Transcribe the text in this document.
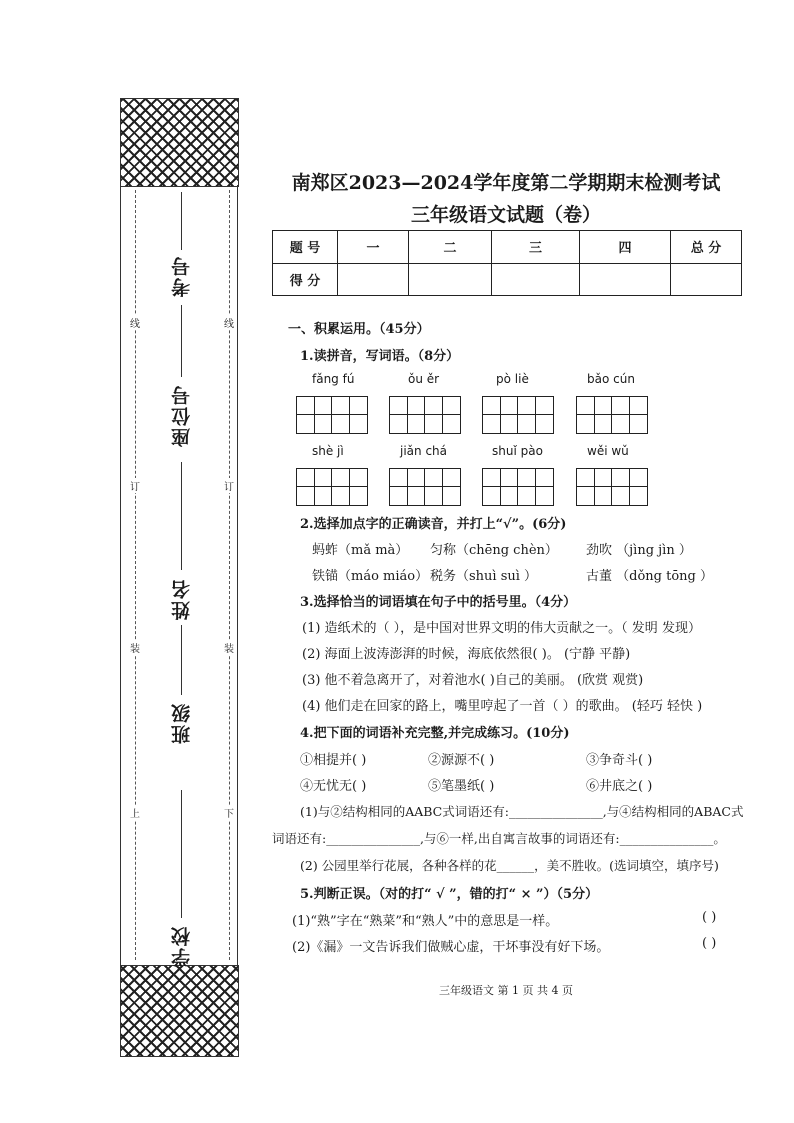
线
订
装
上
线
订
装
下
考号
座位号
姓名
班级
学校
南郑区2023—2024学年度第二学期期末检测考试
三年级语文试题（卷）
题 号	一	二	三	四	总 分
得 分					
一、积累运用。（45分）
1.读拼音，写词语。（8分）
fǎng fú	ǒu ěr	pò liè	bǎo cún
shè jì	jiǎn chá	shuǐ pào	wěi wǔ
2.选择加点字的正确读音，并打上“√”。(6分)
蚂蚱（mǎ mà） 匀称（chēng chèn） 劲吹 （jìng jìn ）
铁锚（máo miáo） 税务（shuì suì ）	古董 （dǒng tōng ）
3.选择恰当的词语填在句子中的括号里。（4分）
(1) 造纸术的（ ），是中国对世界文明的伟大贡献之一。（ 发明 发现）
(2) 海面上波涛澎湃的时候，海底依然很( )。 (宁静 平静)
(3) 他不着急离开了，对着池水( )自己的美丽。 (欣赏 观赏)
(4) 他们走在回家的路上，嘴里哼起了一首（ ）的歌曲。 (轻巧 轻快 )
4.把下面的词语补充完整,并完成练习。(10分)
①相提并( )	②源源不( )	③争奇斗( )
④无忧无( )	⑤笔墨纸( )	⑥井底之( )
(1)与②结构相同的AABC式词语还有:_______________,与④结构相同的ABAC式
词语还有:_______________,与⑥一样,出自寓言故事的词语还有:_______________。
(2) 公园里举行花展，各种各样的花______，美不胜收。(选词填空，填序号)
5.判断正误。（对的打“ √ ”，错的打“ × ”）（5分）
(1)“熟”字在“熟菜”和“熟人”中的意思是一样。	( )
(2)《漏》一文告诉我们做贼心虚，干坏事没有好下场。	( )
三年级语文 第 1 页 共 4 页
